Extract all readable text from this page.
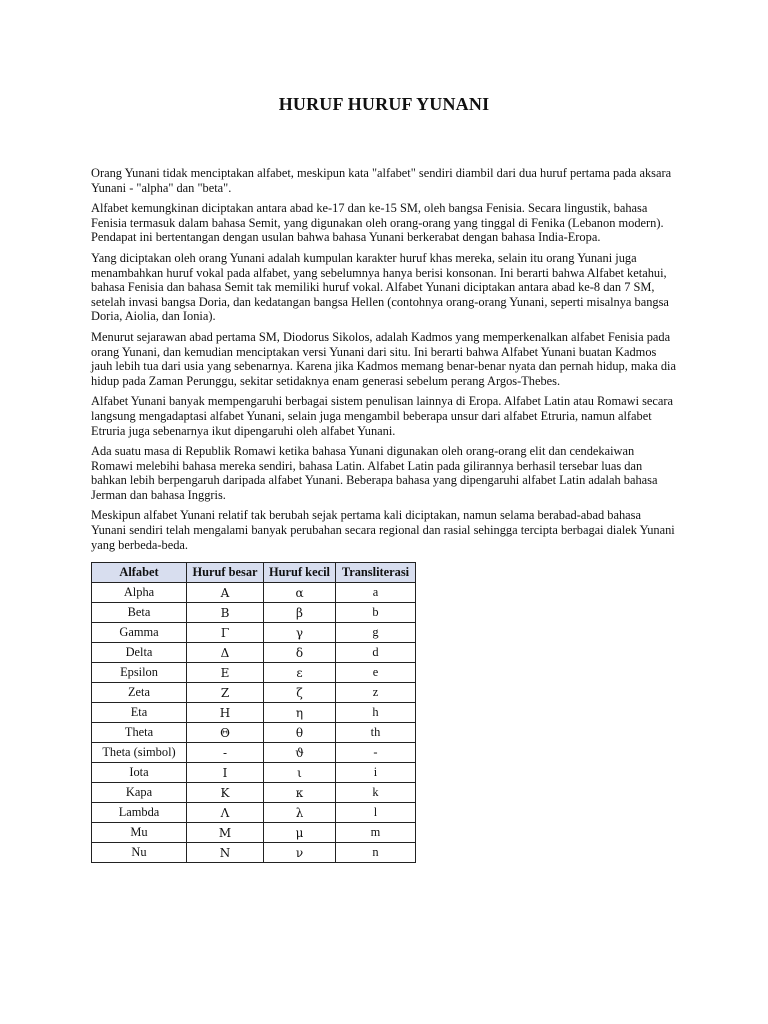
HURUF HURUF YUNANI

Orang Yunani tidak menciptakan alfabet, meskipun kata "alfabet" sendiri diambil dari dua huruf pertama pada aksara Yunani - "alpha" dan "beta".

Alfabet kemungkinan diciptakan antara abad ke-17 dan ke-15 SM, oleh bangsa Fenisia. Secara lingustik, bahasa Fenisia termasuk dalam bahasa Semit, yang digunakan oleh orang-orang yang tinggal di Fenika (Lebanon modern). Pendapat ini bertentangan dengan usulan bahwa bahasa Yunani berkerabat dengan bahasa India-Eropa.

Yang diciptakan oleh orang Yunani adalah kumpulan karakter huruf khas mereka, selain itu orang Yunani juga menambahkan huruf vokal pada alfabet, yang sebelumnya hanya berisi konsonan. Ini berarti bahwa Alfabet ketahui, bahasa Fenisia dan bahasa Semit tak memiliki huruf vokal. Alfabet Yunani diciptakan antara abad ke-8 dan 7 SM, setelah invasi bangsa Doria, dan kedatangan bangsa Hellen (contohnya orang-orang Yunani, seperti misalnya bangsa Doria, Aiolia, dan Ionia).

Menurut sejarawan abad pertama SM, Diodorus Sikolos, adalah Kadmos yang memperkenalkan alfabet Fenisia pada orang Yunani, dan kemudian menciptakan versi Yunani dari situ. Ini berarti bahwa Alfabet Yunani buatan Kadmos jauh lebih tua dari usia yang sebenarnya. Karena jika Kadmos memang benar-benar nyata dan pernah hidup, maka dia hidup pada Zaman Perunggu, sekitar setidaknya enam generasi sebelum perang Argos-Thebes.

Alfabet Yunani banyak mempengaruhi berbagai sistem penulisan lainnya di Eropa. Alfabet Latin atau Romawi secara langsung mengadaptasi alfabet Yunani, selain juga mengambil beberapa unsur dari alfabet Etruria, namun alfabet Etruria juga sebenarnya ikut dipengaruhi oleh alfabet Yunani.

Ada suatu masa di Republik Romawi ketika bahasa Yunani digunakan oleh orang-orang elit dan cendekaiwan Romawi melebihi bahasa mereka sendiri, bahasa Latin. Alfabet Latin pada gilirannya berhasil tersebar luas dan bahkan lebih berpengaruh daripada alfabet Yunani. Beberapa bahasa yang dipengaruhi alfabet Latin adalah bahasa Jerman dan bahasa Inggris.

Meskipun alfabet Yunani relatif tak berubah sejak pertama kali diciptakan, namun selama berabad-abad bahasa Yunani sendiri telah mengalami banyak perubahan secara regional dan rasial sehingga tercipta berbagai dialek Yunani yang berbeda-beda.

Alfabet	Huruf besar	Huruf kecil	Transliterasi
Alpha	Α	α	a
Beta	Β	β	b
Gamma	Γ	γ	g
Delta	Δ	δ	d
Epsilon	Ε	ε	e
Zeta	Ζ	ζ	z
Eta	Η	η	h
Theta	Θ	θ	th
Theta (simbol)	-	ϑ	-
Iota	Ι	ι	i
Kapa	Κ	κ	k
Lambda	Λ	λ	l
Mu	Μ	μ	m
Nu	Ν	ν	n
